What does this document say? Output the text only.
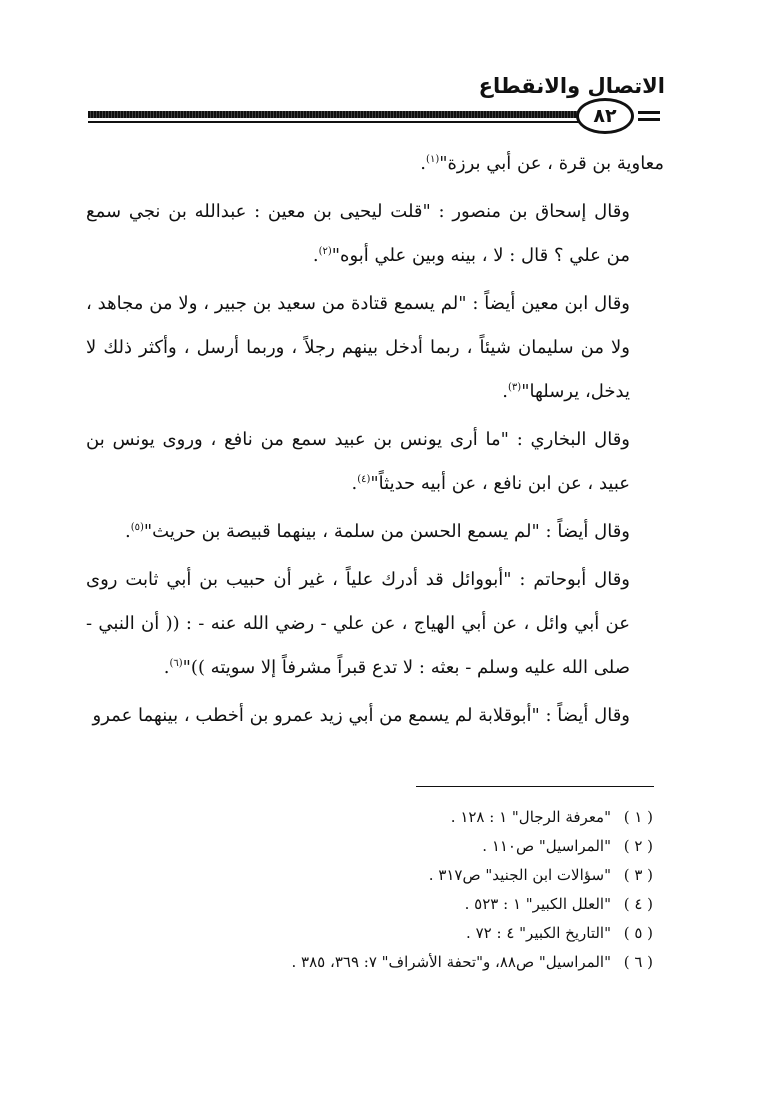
الاتصال والانقطاع
٨٢

معاوية بن قرة ، عن أبي برزة"$^{(١)}$.

وقال إسحاق بن منصور : "قلت ليحيى بن معين : عبدالله بن نجي سمع من علي ؟ قال : لا ، بينه وبين علي أبوه"$^{(٢)}$.

وقال ابن معين أيضاً : "لم يسمع قتادة من سعيد بن جبير ، ولا من مجاهد ، ولا من سليمان شيئاً ، ربما أدخل بينهم رجلاً ، وربما أرسل ، وأكثر ذلك لا يدخل، يرسلها"$^{(٣)}$.

وقال البخاري : "ما أرى يونس بن عبيد سمع من نافع ، وروى يونس بن عبيد ، عن ابن نافع ، عن أبيه حديثاً"$^{(٤)}$.

وقال أيضاً : "لم يسمع الحسن من سلمة ، بينهما قبيصة بن حريث"$^{(٥)}$.

وقال أبوحاتم : "أبووائل قد أدرك علياً ، غير أن حبيب بن أبي ثابت روى عن أبي وائل ، عن أبي الهياج ، عن علي - رضي الله عنه - : (( أن النبي - صلى الله عليه وسلم - بعثه : لا تدع قبراً مشرفاً إلا سويته ))"$^{(٦)}$.

وقال أيضاً : "أبوقلابة لم يسمع من أبي زيد عمرو بن أخطب ، بينهما عمرو

( ١ )"معرفة الرجال" ١ : ١٢٨ .
( ٢ )"المراسيل" ص١١٠ .
( ٣ )"سؤالات ابن الجنيد" ص٣١٧ .
( ٤ )"العلل الكبير" ١ : ٥٢٣ .
( ٥ )"التاريخ الكبير" ٤ : ٧٢ .
( ٦ )"المراسيل" ص٨٨، و"تحفة الأشراف" ٧: ٣٦٩، ٣٨٥ .
